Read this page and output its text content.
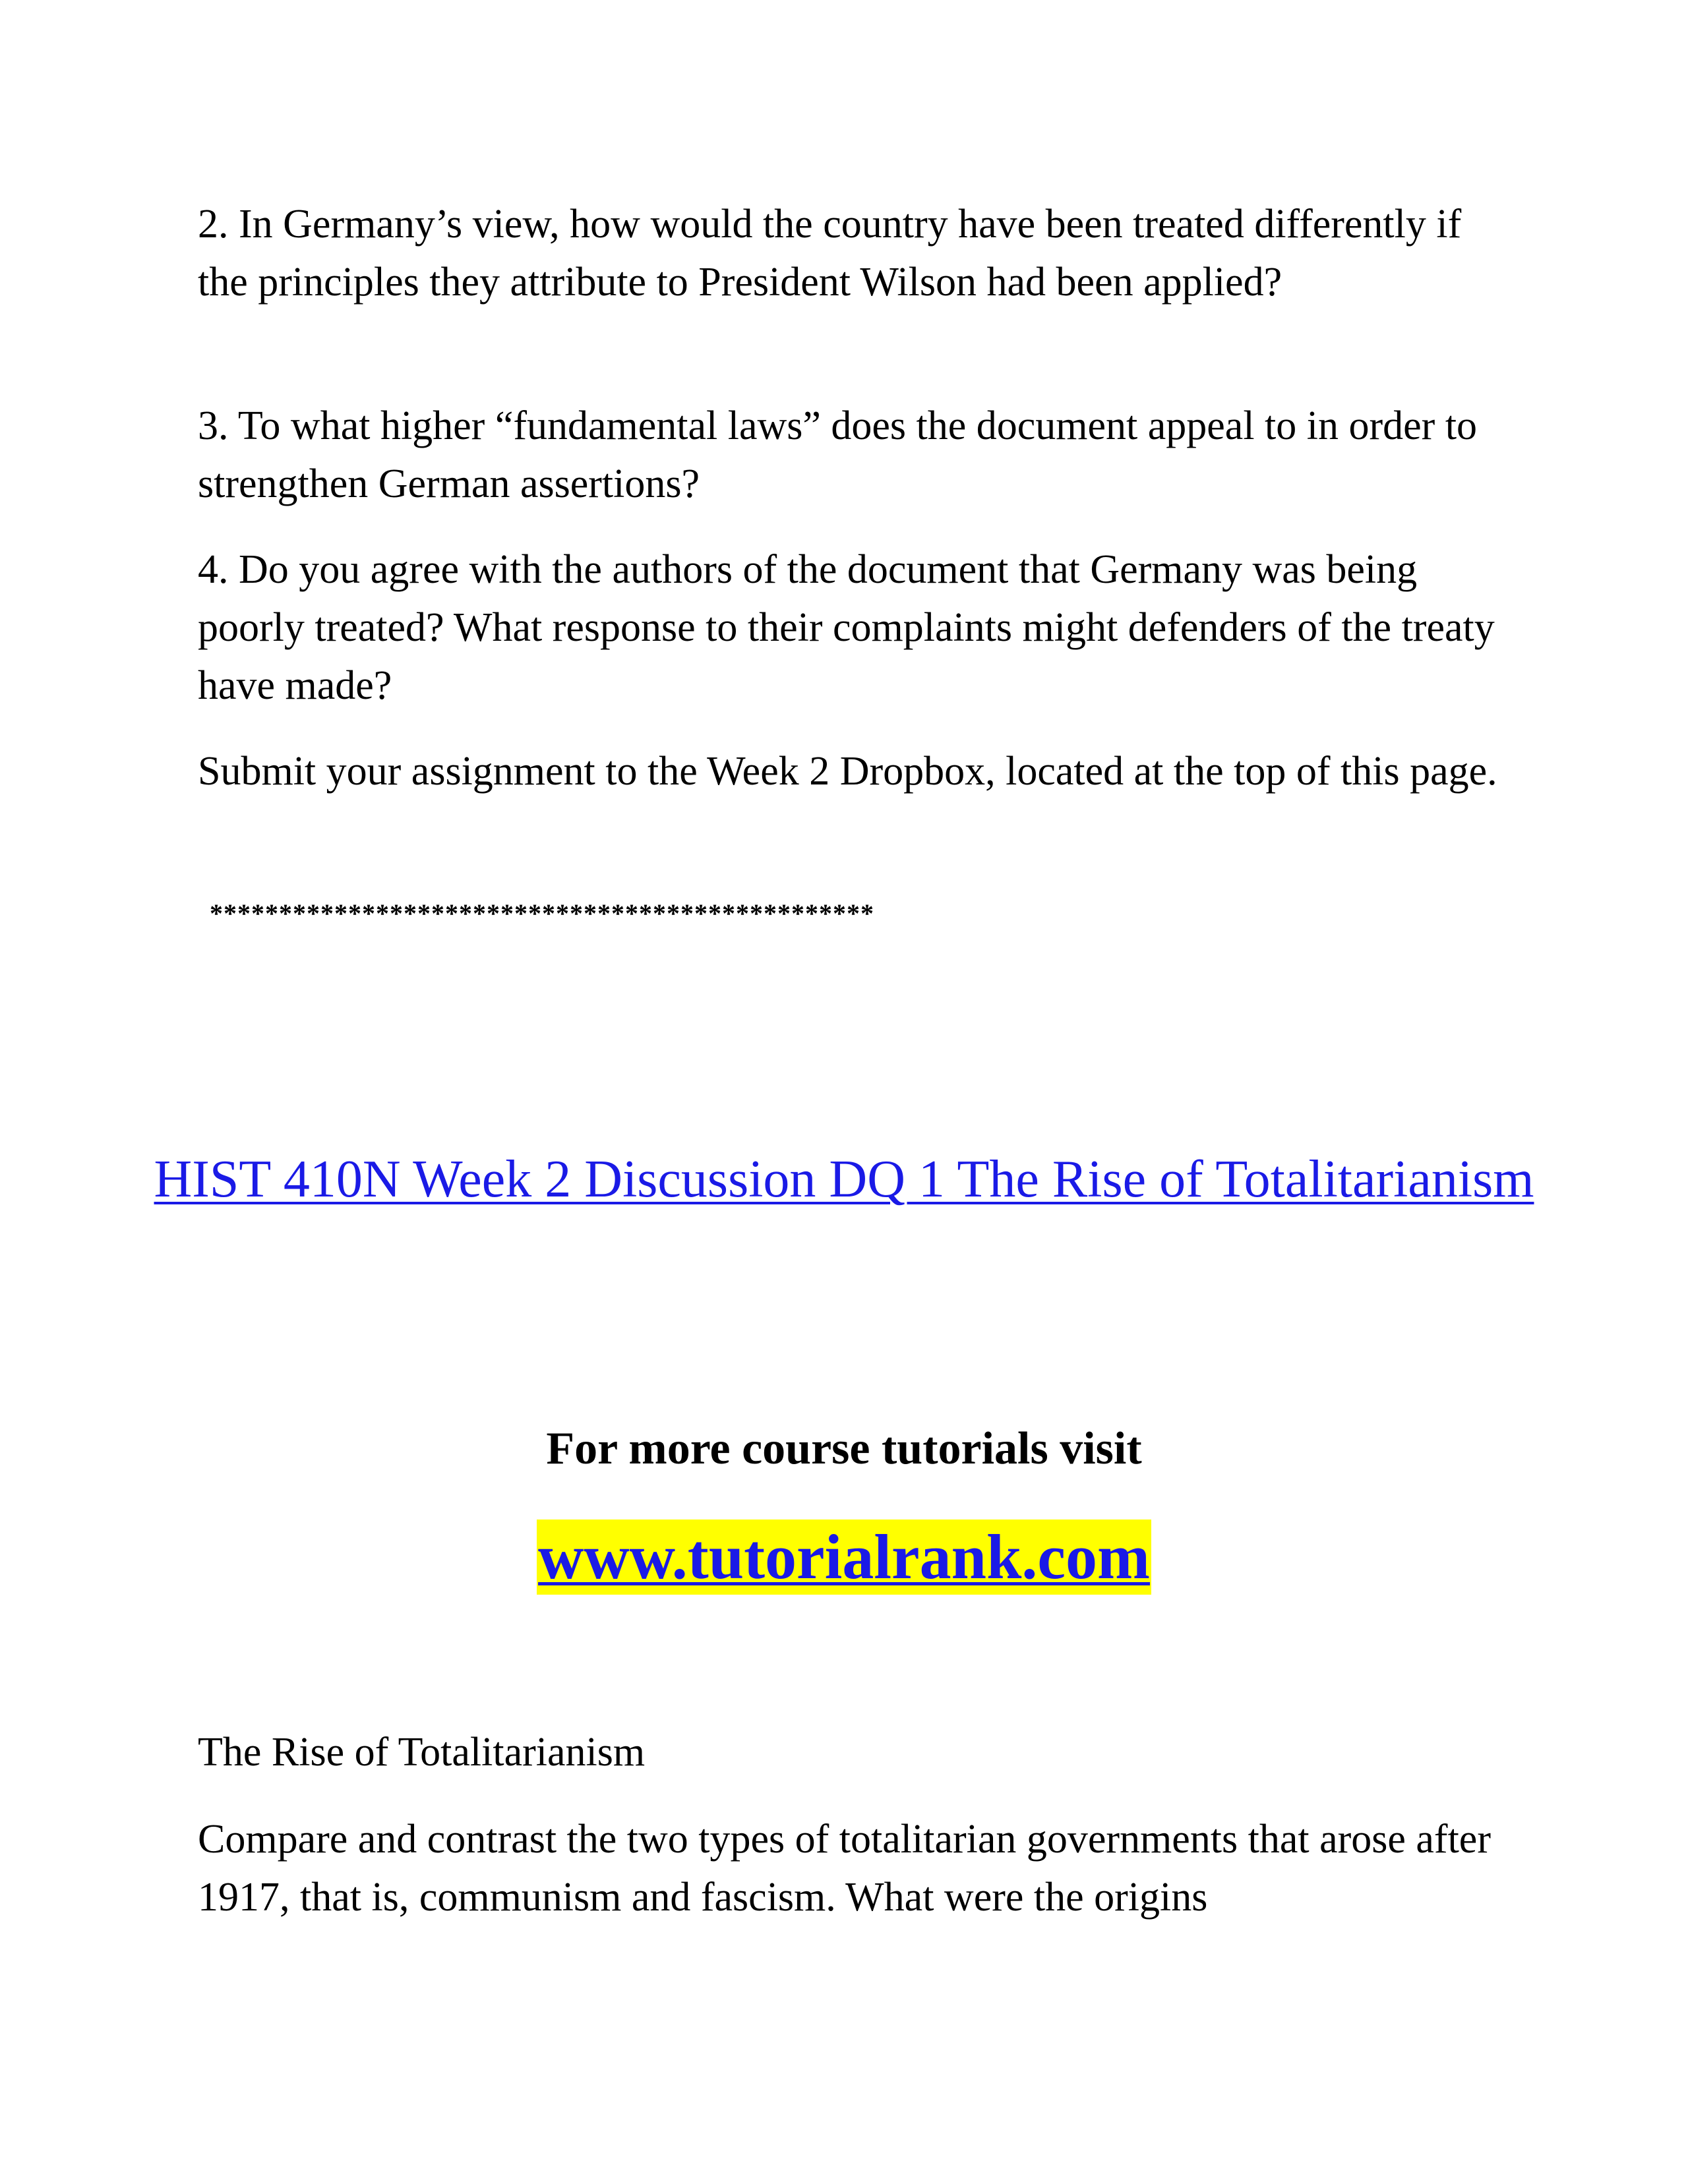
2. In Germany’s view, how would the country have been treated differently if the principles they attribute to President Wilson had been applied?

3. To what higher “fundamental laws” does the document appeal to in order to strengthen German assertions?

4. Do you agree with the authors of the document that Germany was being poorly treated? What response to their complaints might defenders of the treaty have made?

Submit your assignment to the Week 2 Dropbox, located at the top of this page.

************************************************

HIST 410N Week 2 Discussion DQ 1 The Rise of Totalitarianism

For more course tutorials visit

www.tutorialrank.com

The Rise of Totalitarianism

Compare and contrast the two types of totalitarian governments that arose after 1917, that is, communism and fascism. What were the origins
